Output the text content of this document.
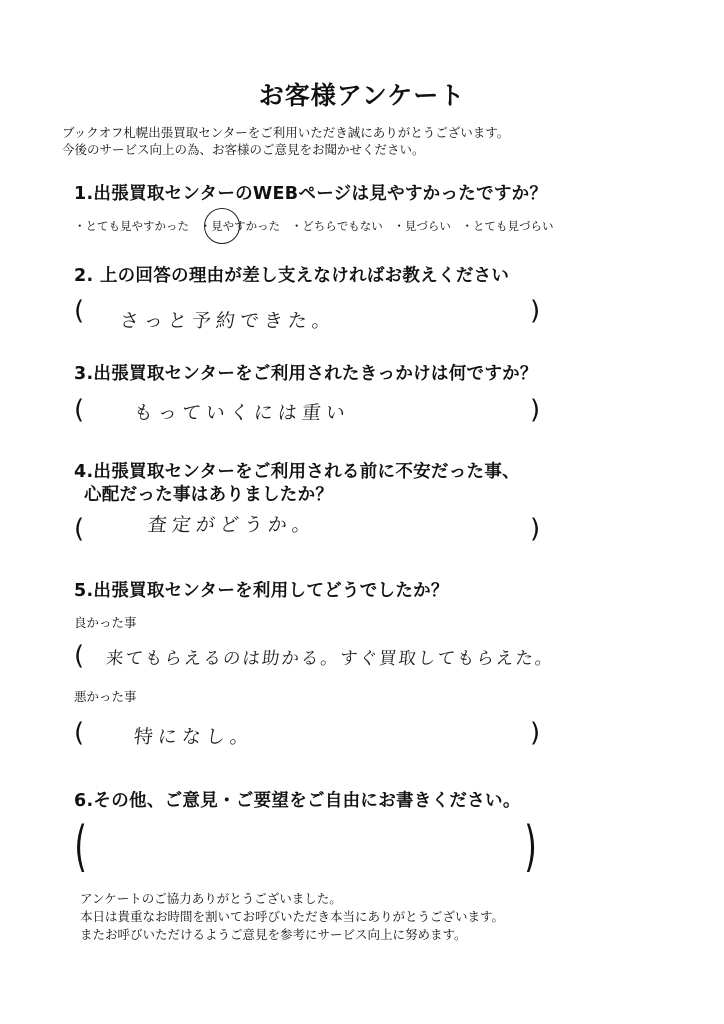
お客様アンケート
ブックオフ札幌出張買取センターをご利用いただき誠にありがとうございます。
今後のサービス向上の為、お客様のご意見をお聞かせください。
1.出張買取センターのWEBページは見やすかったですか？
・とても見やすかった ・見やすかった ・どちらでもない ・見づらい ・とても見づらい
2. 上の回答の理由が差し支えなければお教えください
( さっと予約できた。	)
3.出張買取センターをご利用されたきっかけは何ですか？
(	もっていくには重い	)
4.出張買取センターをご利用される前に不安だった事、
心配だった事はありましたか？
(	査定がどうか。	)
5.出張買取センターを利用してどうでしたか？
良かった事
( 来てもらえるのは助かる。すぐ買取してもらえた。
悪かった事
(	特になし。	)
6.その他、ご意見・ご要望をご自由にお書きください。
(	)
アンケートのご協力ありがとうございました。
本日は貴重なお時間を割いてお呼びいただき本当にありがとうございます。
またお呼びいただけるようご意見を参考にサービス向上に努めます。
